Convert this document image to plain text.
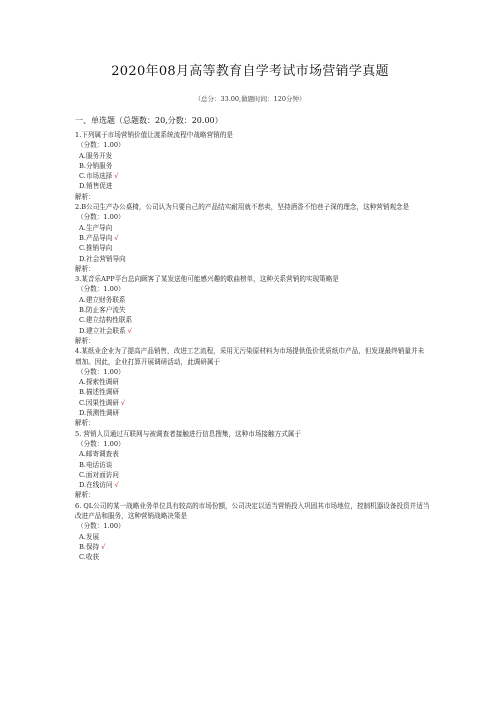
2020年08月高等教育自学考试市场营销学真题
（总分：33.00,做题时间：120分钟）
一、单选题（总题数：20,分数：20.00）
1.下列属于市场营销价值让渡系统流程中战略营销的是
（分数：1.00）
A.服务开发
B.分销服务
C.市场选择 √
D.销售促进
解析：
2.B公司生产办公桌椅，公司认为只要自己的产品结实耐用就不愁卖，坚持酒香不怕巷子深的理念，这种营销观念是
（分数：1.00）
A.生产导向
B.产品导向 √
C.推销导向
D.社会营销导向
解析：
3.某音乐APP平台总向顾客了某发送他可能感兴趣的歌曲榜单，这种关系营销的实现策略是
（分数：1.00）
A.建立财务联系
B.防止客户流失
C.建立结构性联系
D.建立社会联系 √
解析：
4.某纸业企业为了提高产品销售，改进工艺流程，采用无污染原材料为市场提供低价优质纸巾产品，但发现最终销量并未增加。因此，企业打算开展调研活动，此调研属于
（分数：1.00）
A.探索性调研
B.描述性调研
C.因果性调研 √
D.预测性调研
解析：
5. 营销人员通过互联网与被调查者接触进行信息搜集，这种市场接触方式属于
（分数：1.00）
A.邮寄调查表
B.电话访谈
C.面对面访问
D.在线访问 √
解析：
6. QL公司的某一战略业务单位具有较高的市场份额，公司决定以适当营销投入巩固其市场地位，控制机器设备投资并适当改进产品和服务，这种营销战略决策是
（分数：1.00）
A.发展
B.保持 √
C.收获
